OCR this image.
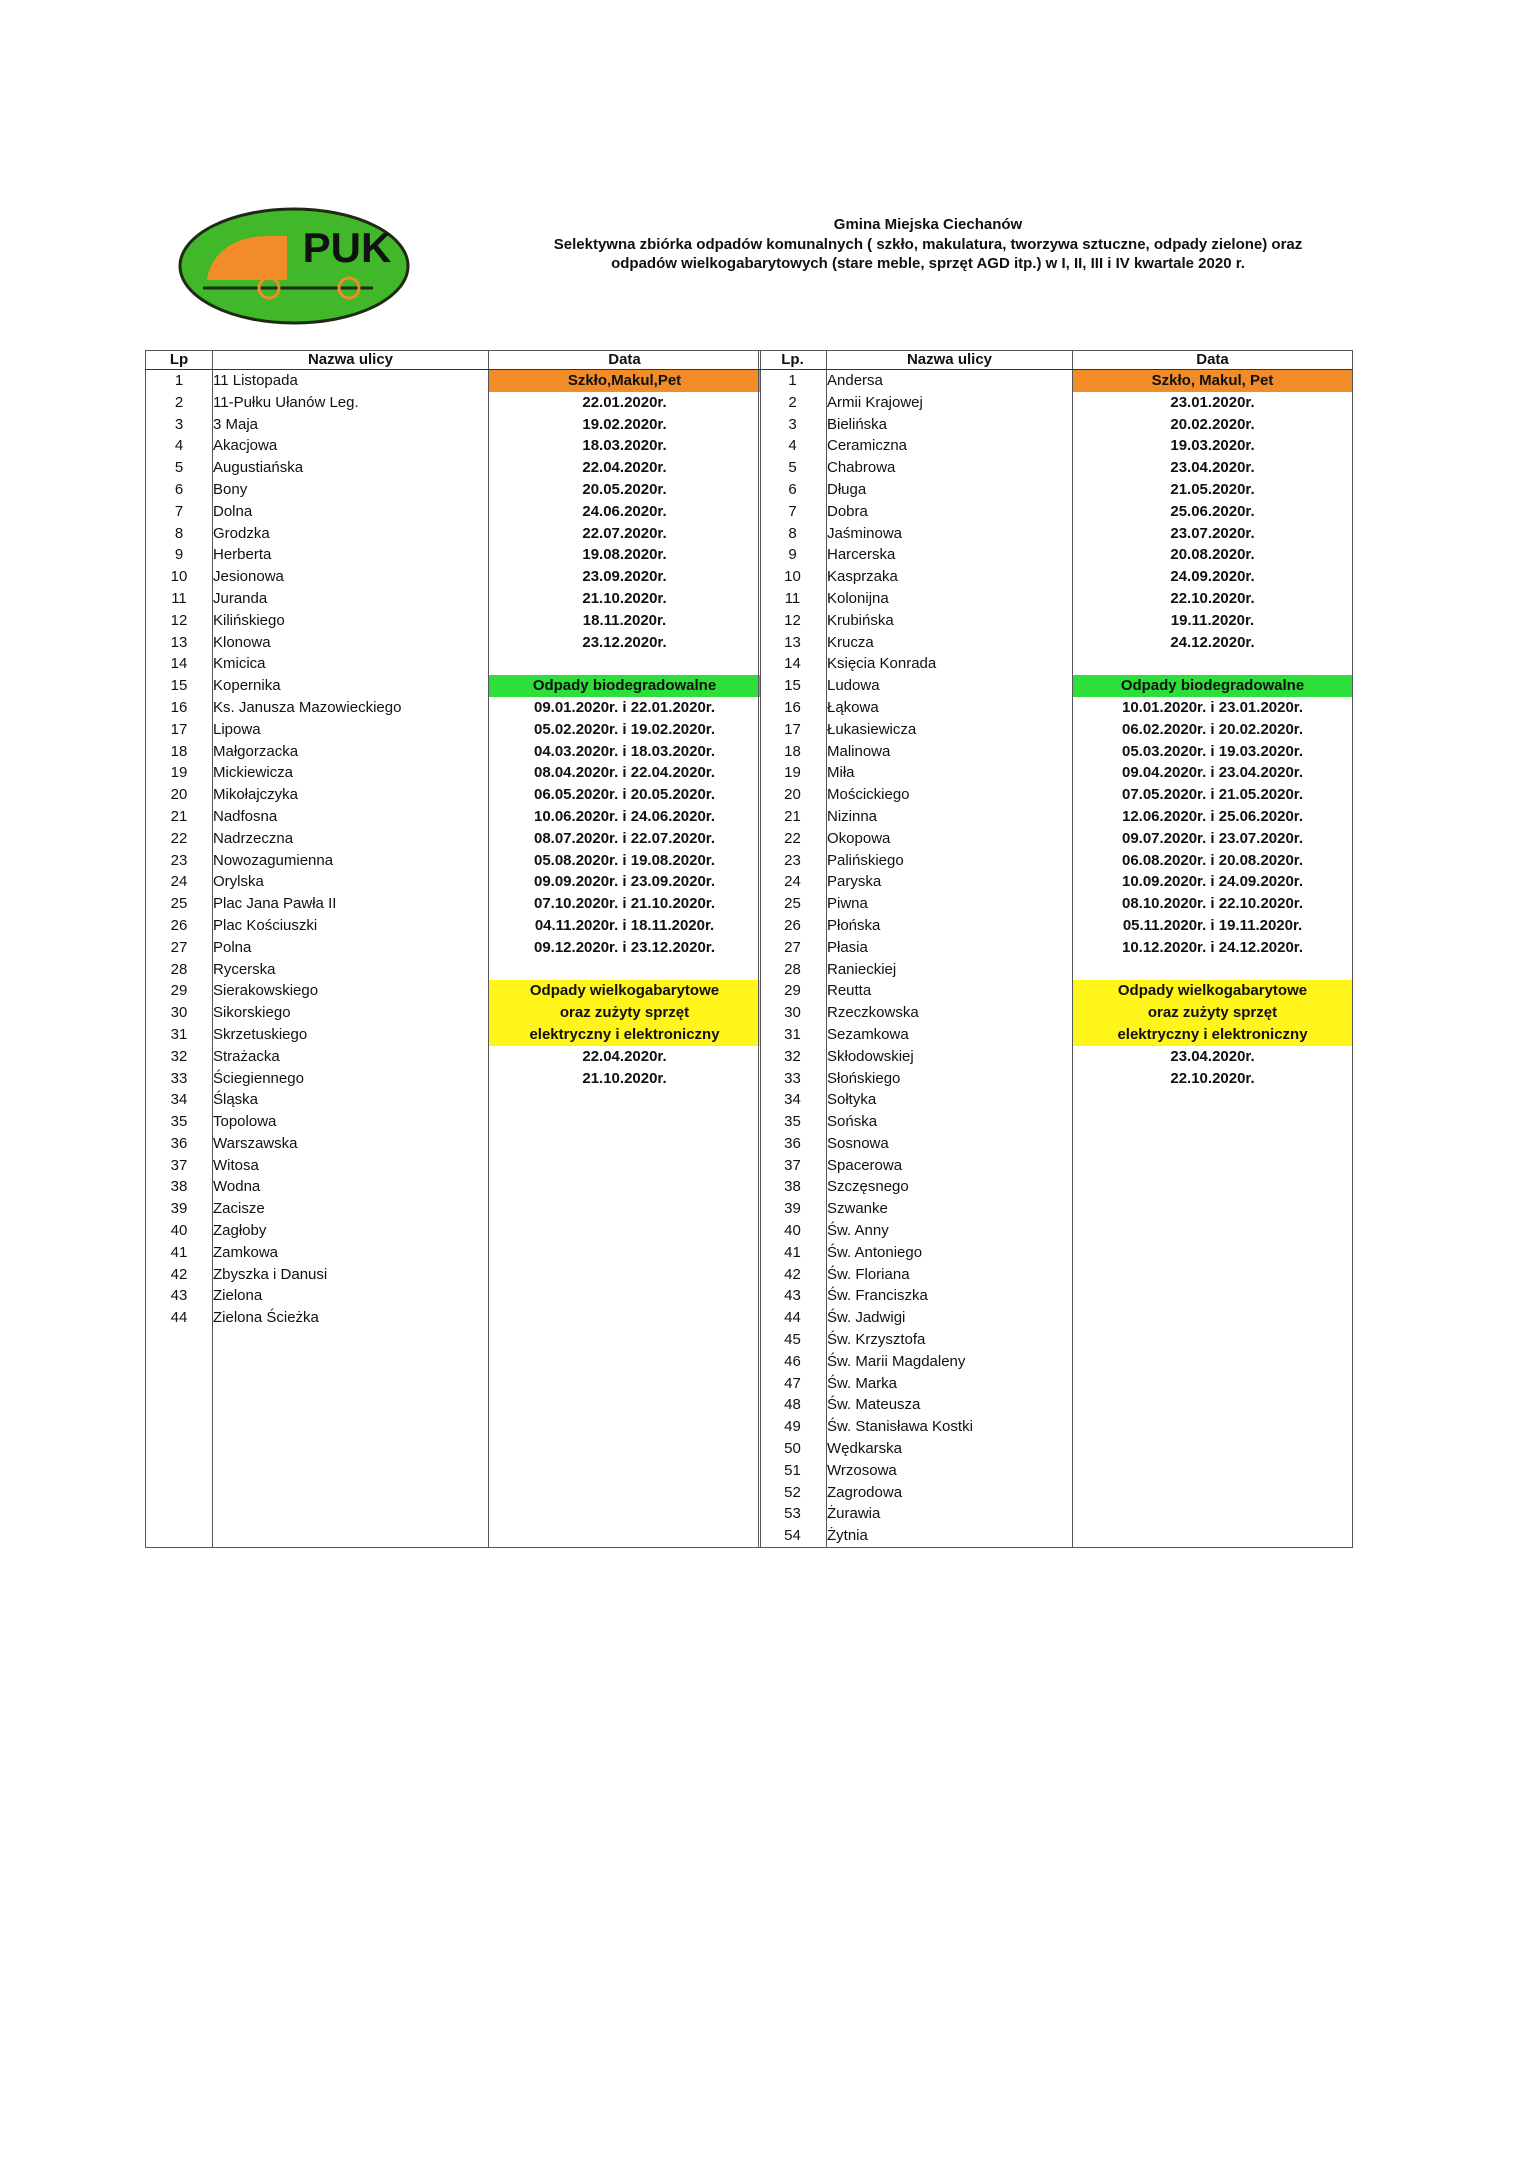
PUK	Gmina Miejska Ciechanów
Selektywna zbiórka odpadów komunalnych ( szkło, makulatura, tworzywa sztuczne, odpady zielone) oraz
odpadów wielkogabarytowych (stare meble, sprzęt AGD itp.) w I, II, III i IV kwartale 2020 r.
Lp	Nazwa ulicy	Data
1	11 Listopada	Szkło,Makul,Pet
2	11-Pułku Ułanów Leg.	22.01.2020r.
3	3 Maja	19.02.2020r.
4	Akacjowa	18.03.2020r.
5	Augustiańska	22.04.2020r.
6	Bony	20.05.2020r.
7	Dolna	24.06.2020r.
8	Grodzka	22.07.2020r.
9	Herberta	19.08.2020r.
10	Jesionowa	23.09.2020r.
11	Juranda	21.10.2020r.
12	Kilińskiego	18.11.2020r.
13	Klonowa	23.12.2020r.
14	Kmicica	
15	Kopernika	Odpady biodegradowalne
16	Ks. Janusza Mazowieckiego	09.01.2020r. i 22.01.2020r.
17	Lipowa	05.02.2020r. i 19.02.2020r.
18	Małgorzacka	04.03.2020r. i 18.03.2020r.
19	Mickiewicza	08.04.2020r. i 22.04.2020r.
20	Mikołajczyka	06.05.2020r. i 20.05.2020r.
21	Nadfosna	10.06.2020r. i 24.06.2020r.
22	Nadrzeczna	08.07.2020r. i 22.07.2020r.
23	Nowozagumienna	05.08.2020r. i 19.08.2020r.
24	Orylska	09.09.2020r. i 23.09.2020r.
25	Plac Jana Pawła II	07.10.2020r. i 21.10.2020r.
26	Plac Kościuszki	04.11.2020r. i 18.11.2020r.
27	Polna	09.12.2020r. i 23.12.2020r.
28	Rycerska	
29	Sierakowskiego	Odpady wielkogabarytowe
30	Sikorskiego	oraz zużyty sprzęt
31	Skrzetuskiego	elektryczny i elektroniczny
32	Strażacka	22.04.2020r.
33	Ściegiennego	21.10.2020r.
34	Śląska	
35	Topolowa	
36	Warszawska	
37	Witosa	
38	Wodna	
39	Zacisze	
40	Zagłoby	
41	Zamkowa	
42	Zbyszka i Danusi	
43	Zielona	
44	Zielona Ścieżka	

Lp.	Nazwa ulicy	Data
1	Andersa	Szkło, Makul, Pet
2	Armii Krajowej	23.01.2020r.
3	Bielińska	20.02.2020r.
4	Ceramiczna	19.03.2020r.
5	Chabrowa	23.04.2020r.
6	Długa	21.05.2020r.
7	Dobra	25.06.2020r.
8	Jaśminowa	23.07.2020r.
9	Harcerska	20.08.2020r.
10	Kasprzaka	24.09.2020r.
11	Kolonijna	22.10.2020r.
12	Krubińska	19.11.2020r.
13	Krucza	24.12.2020r.
14	Księcia Konrada	
15	Ludowa	Odpady biodegradowalne
16	Łąkowa	10.01.2020r. i 23.01.2020r.
17	Łukasiewicza	06.02.2020r. i 20.02.2020r.
18	Malinowa	05.03.2020r. i 19.03.2020r.
19	Miła	09.04.2020r. i 23.04.2020r.
20	Mościckiego	07.05.2020r. i 21.05.2020r.
21	Nizinna	12.06.2020r. i 25.06.2020r.
22	Okopowa	09.07.2020r. i 23.07.2020r.
23	Palińskiego	06.08.2020r. i 20.08.2020r.
24	Paryska	10.09.2020r. i 24.09.2020r.
25	Piwna	08.10.2020r. i 22.10.2020r.
26	Płońska	05.11.2020r. i 19.11.2020r.
27	Płasia	10.12.2020r. i 24.12.2020r.
28	Ranieckiej	
29	Reutta	Odpady wielkogabarytowe
30	Rzeczkowska	oraz zużyty sprzęt
31	Sezamkowa	elektryczny i elektroniczny
32	Skłodowskiej	23.04.2020r.
33	Słońskiego	22.10.2020r.
34	Sołtyka	
35	Sońska	
36	Sosnowa	
37	Spacerowa	
38	Szczęsnego	
39	Szwanke	
40	Św. Anny	
41	Św. Antoniego	
42	Św. Floriana	
43	Św. Franciszka	
44	Św. Jadwigi	
45	Św. Krzysztofa	
46	Św. Marii Magdaleny	
47	Św. Marka	
48	Św. Mateusza	
49	Św. Stanisława Kostki	
50	Wędkarska	
51	Wrzosowa	
52	Zagrodowa	
53	Żurawia	
54	Żytnia	
